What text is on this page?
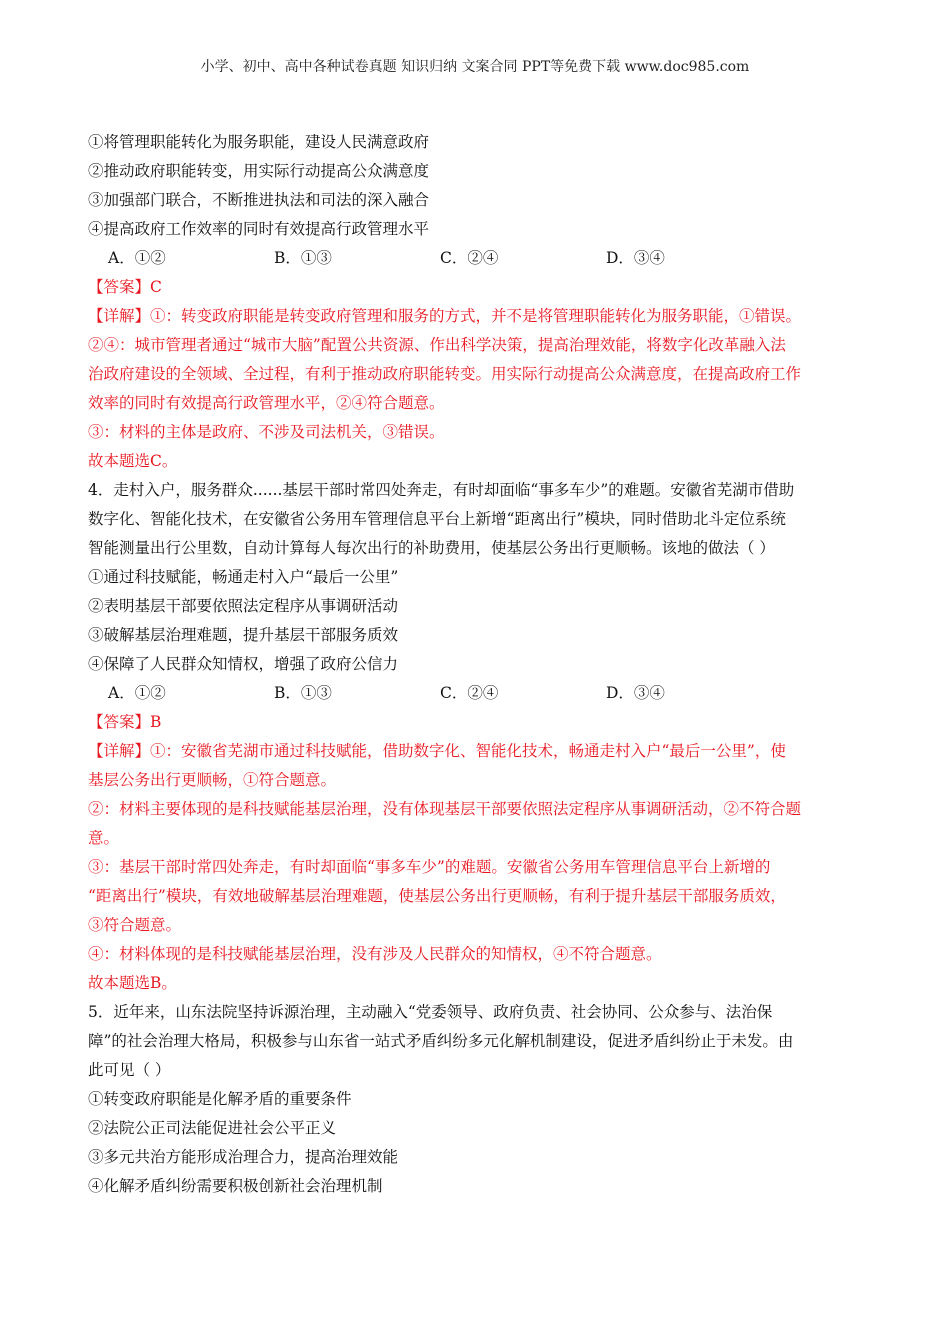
小学、初中、高中各种试卷真题 知识归纳 文案合同 PPT等免费下载 www.doc985.com
①将管理职能转化为服务职能，建设人民满意政府
②推动政府职能转变，用实际行动提高公众满意度
③加强部门联合，不断推进执法和司法的深入融合
④提高政府工作效率的同时有效提高行政管理水平
A．①②	B．①③	C．②④	D．③④
【答案】C
【详解】①：转变政府职能是转变政府管理和服务的方式，并不是将管理职能转化为服务职能，①错误。
②④：城市管理者通过“城市大脑”配置公共资源、作出科学决策，提高治理效能，将数字化改革融入法
治政府建设的全领域、全过程，有利于推动政府职能转变。用实际行动提高公众满意度，在提高政府工作
效率的同时有效提高行政管理水平，②④符合题意。
③：材料的主体是政府、不涉及司法机关，③错误。
故本题选C。
4．走村入户，服务群众......基层干部时常四处奔走，有时却面临“事多车少”的难题。安徽省芜湖市借助
数字化、智能化技术，在安徽省公务用车管理信息平台上新增“距离出行”模块，同时借助北斗定位系统
智能测量出行公里数，自动计算每人每次出行的补助费用，使基层公务出行更顺畅。该地的做法（ ）
①通过科技赋能，畅通走村入户“最后一公里”
②表明基层干部要依照法定程序从事调研活动
③破解基层治理难题，提升基层干部服务质效
④保障了人民群众知情权，增强了政府公信力
A．①②	B．①③	C．②④	D．③④
【答案】B
【详解】①：安徽省芜湖市通过科技赋能，借助数字化、智能化技术，畅通走村入户“最后一公里”，使
基层公务出行更顺畅，①符合题意。
②：材料主要体现的是科技赋能基层治理，没有体现基层干部要依照法定程序从事调研活动，②不符合题
意。
③：基层干部时常四处奔走，有时却面临“事多车少”的难题。安徽省公务用车管理信息平台上新增的
“距离出行”模块，有效地破解基层治理难题，使基层公务出行更顺畅，有利于提升基层干部服务质效，
③符合题意。
④：材料体现的是科技赋能基层治理，没有涉及人民群众的知情权，④不符合题意。
故本题选B。
5．近年来，山东法院坚持诉源治理，主动融入“党委领导、政府负责、社会协同、公众参与、法治保
障”的社会治理大格局，积极参与山东省一站式矛盾纠纷多元化解机制建设，促进矛盾纠纷止于未发。由
此可见（ ）
①转变政府职能是化解矛盾的重要条件
②法院公正司法能促进社会公平正义
③多元共治方能形成治理合力，提高治理效能
④化解矛盾纠纷需要积极创新社会治理机制
